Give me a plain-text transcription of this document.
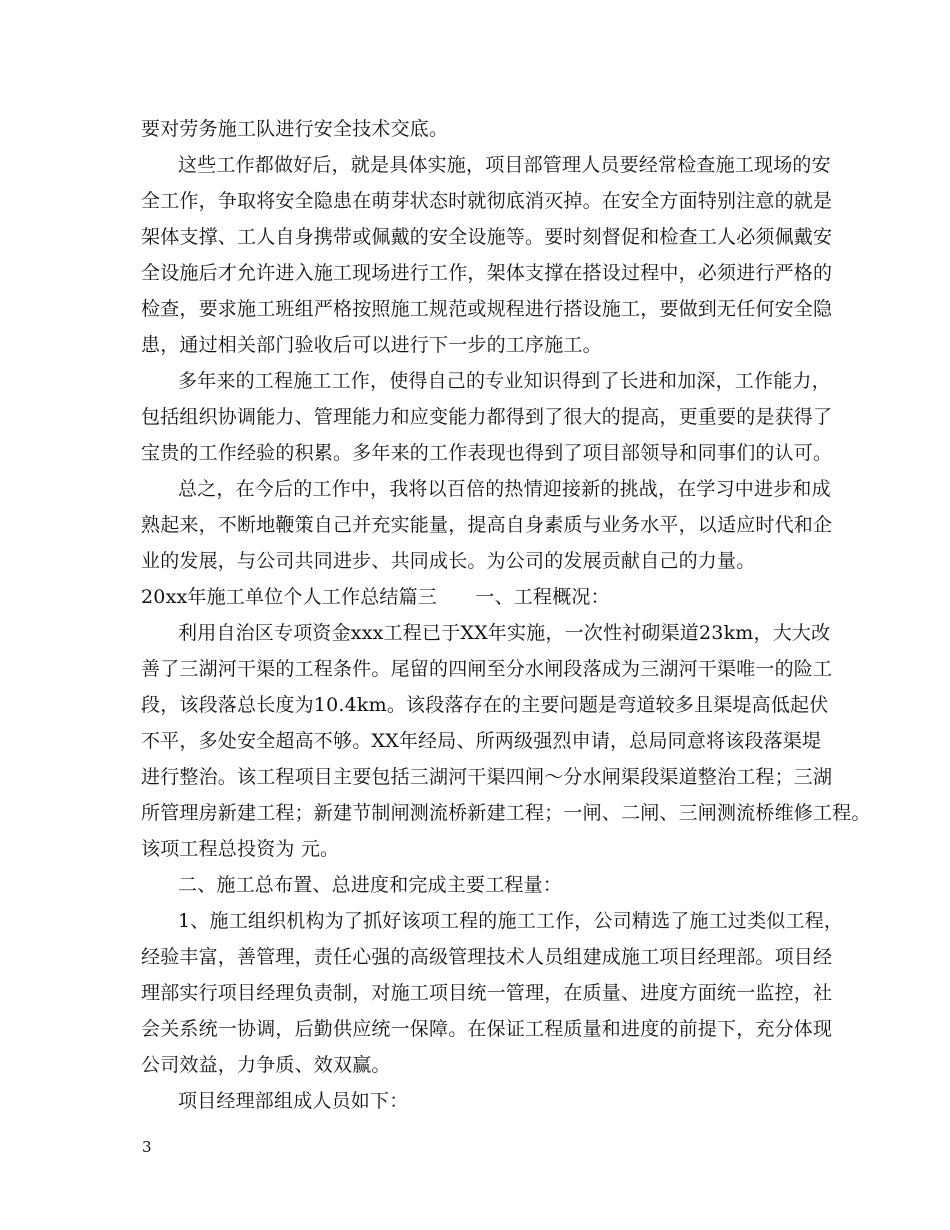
要对劳务施工队进行安全技术交底。
这些工作都做好后，就是具体实施，项目部管理人员要经常检查施工现场的安
全工作，争取将安全隐患在萌芽状态时就彻底消灭掉。在安全方面特别注意的就是
架体支撑、工人自身携带或佩戴的安全设施等。要时刻督促和检查工人必须佩戴安
全设施后才允许进入施工现场进行工作，架体支撑在搭设过程中，必须进行严格的
检查，要求施工班组严格按照施工规范或规程进行搭设施工，要做到无任何安全隐
患，通过相关部门验收后可以进行下一步的工序施工。
多年来的工程施工工作，使得自己的专业知识得到了长进和加深，工作能力，
包括组织协调能力、管理能力和应变能力都得到了很大的提高，更重要的是获得了
宝贵的工作经验的积累。多年来的工作表现也得到了项目部领导和同事们的认可。
总之，在今后的工作中，我将以百倍的热情迎接新的挑战，在学习中进步和成
熟起来，不断地鞭策自己并充实能量，提高自身素质与业务水平，以适应时代和企
业的发展，与公司共同进步、共同成长。为公司的发展贡献自己的力量。
20xx年施工单位个人工作总结篇三　　一、工程概况：
利用自治区专项资金xxx工程已于XX年实施，一次性衬砌渠道23km，大大改
善了三湖河干渠的工程条件。尾留的四闸至分水闸段落成为三湖河干渠唯一的险工
段，该段落总长度为10.4km。该段落存在的主要问题是弯道较多且渠堤高低起伏
不平，多处安全超高不够。XX年经局、所两级强烈申请，总局同意将该段落渠堤
进行整治。该工程项目主要包括三湖河干渠四闸～分水闸渠段渠道整治工程；三湖
所管理房新建工程；新建节制闸测流桥新建工程；一闸、二闸、三闸测流桥维修工程。
该项工程总投资为 元。
二、施工总布置、总进度和完成主要工程量：
1、施工组织机构为了抓好该项工程的施工工作，公司精选了施工过类似工程，
经验丰富，善管理，责任心强的高级管理技术人员组建成施工项目经理部。项目经
理部实行项目经理负责制，对施工项目统一管理，在质量、进度方面统一监控，社
会关系统一协调，后勤供应统一保障。在保证工程质量和进度的前提下，充分体现
公司效益，力争质、效双赢。
项目经理部组成人员如下：
3
